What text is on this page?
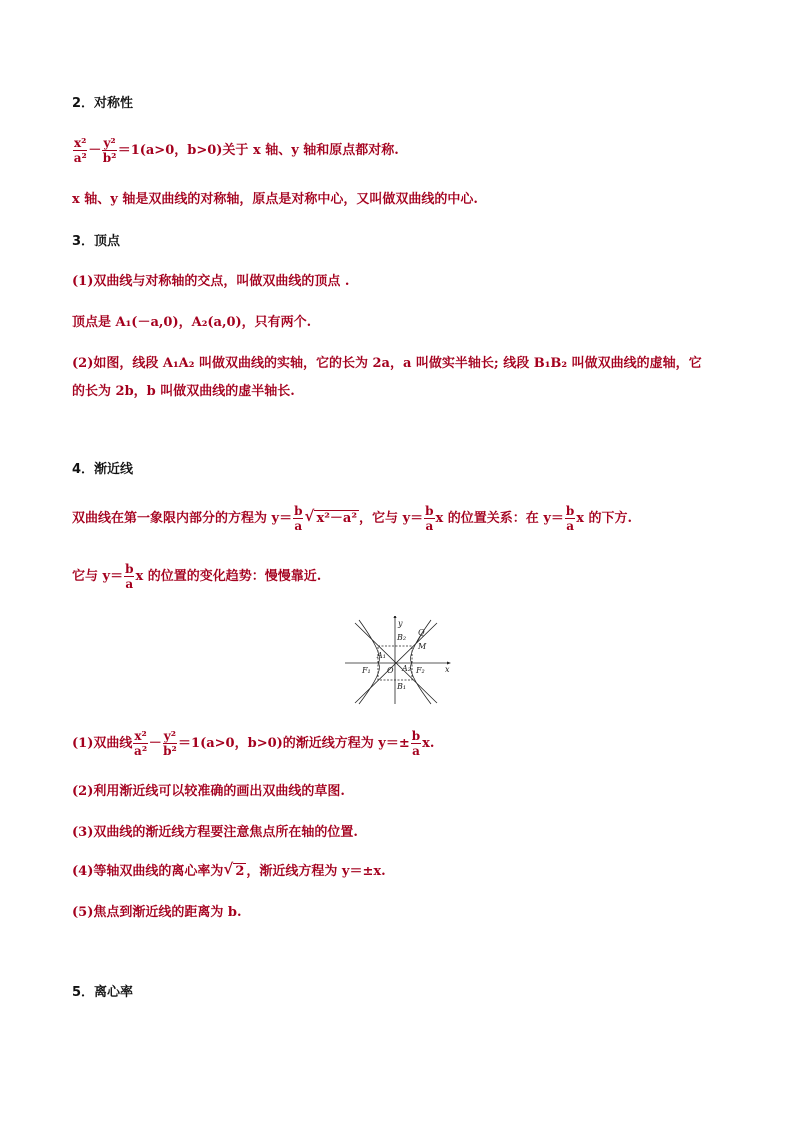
2．对称性
$\frac{\text{x²}}{\text{a²}} - \frac{\text{y²}}{\text{b²}} =1(a>0$，b>0)关于 x 轴、y 轴和原点都对称.
x 轴、y 轴是双曲线的对称轴，原点是对称中心，又叫做双曲线的中心.
3．顶点
(1)双曲线与对称轴的交点，叫做双曲线的顶点 .
顶点是 A₁(－a,0)，A₂(a,0)，只有两个.
(2)如图，线段 A₁A₂ 叫做双曲线的实轴，它的长为 2a，a 叫做实半轴长; 线段 B₁B₂ 叫做双曲线的虚轴，它
的长为 2b，b 叫做双曲线的虚半轴长.
4．渐近线
双曲线在第一象限内部分的方程为 $y= \frac{b}{a}$ √ x²－a² ，它与 $y= \frac{b}{a}$ x 的位置关系：在 $y= \frac{b}{a}$ x 的下方.
它与 $y= \frac{b}{a}$ x 的位置的变化趋势：慢慢靠近.
y
x
O
Q
M
B₂
B₁
A₁
A₂
F₁	F₂
(1)双曲线 $\frac{\text{x²}}{\text{a²}} - \frac{\text{y²}}{\text{b²}} =1(a>0$，b>0)的渐近线方程为 $y=\pm \frac{b}{a} x$.
(2)利用渐近线可以较准确的画出双曲线的草图.
(3)双曲线的渐近线方程要注意焦点所在轴的位置.
(4)等轴双曲线的离心率为 √ 2 ，渐近线方程为 y＝±x.
(5)焦点到渐近线的距离为 b.
5．离心率
